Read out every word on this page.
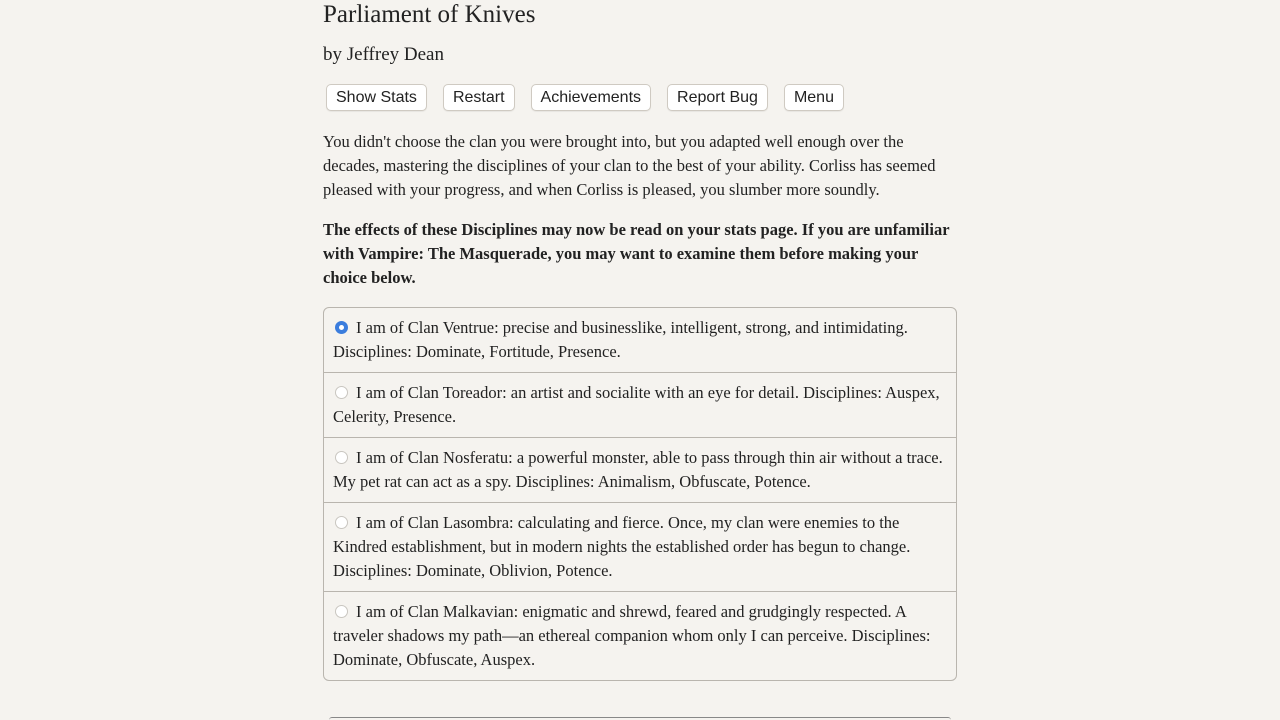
Parliament of Knives
by Jeffrey Dean
Show Stats	Restart	Achievements	Report Bug	Menu

You didn't choose the clan you were brought into, but you adapted well enough over the decades, mastering the disciplines of your clan to the best of your ability. Corliss has seemed pleased with your progress, and when Corliss is pleased, you slumber more soundly.

The effects of these Disciplines may now be read on your stats page. If you are unfamiliar with Vampire: The Masquerade, you may want to examine them before making your choice below.

I am of Clan Ventrue: precise and businesslike, intelligent, strong, and intimidating. Disciplines: Dominate, Fortitude, Presence.
I am of Clan Toreador: an artist and socialite with an eye for detail. Disciplines: Auspex, Celerity, Presence.
I am of Clan Nosferatu: a powerful monster, able to pass through thin air without a trace. My pet rat can act as a spy. Disciplines: Animalism, Obfuscate, Potence.
I am of Clan Lasombra: calculating and fierce. Once, my clan were enemies to the Kindred establishment, but in modern nights the established order has begun to change. Disciplines: Dominate, Oblivion, Potence.
I am of Clan Malkavian: enigmatic and shrewd, feared and grudgingly respected. A traveler shadows my path—an ethereal companion whom only I can perceive. Disciplines: Dominate, Obfuscate, Auspex.
